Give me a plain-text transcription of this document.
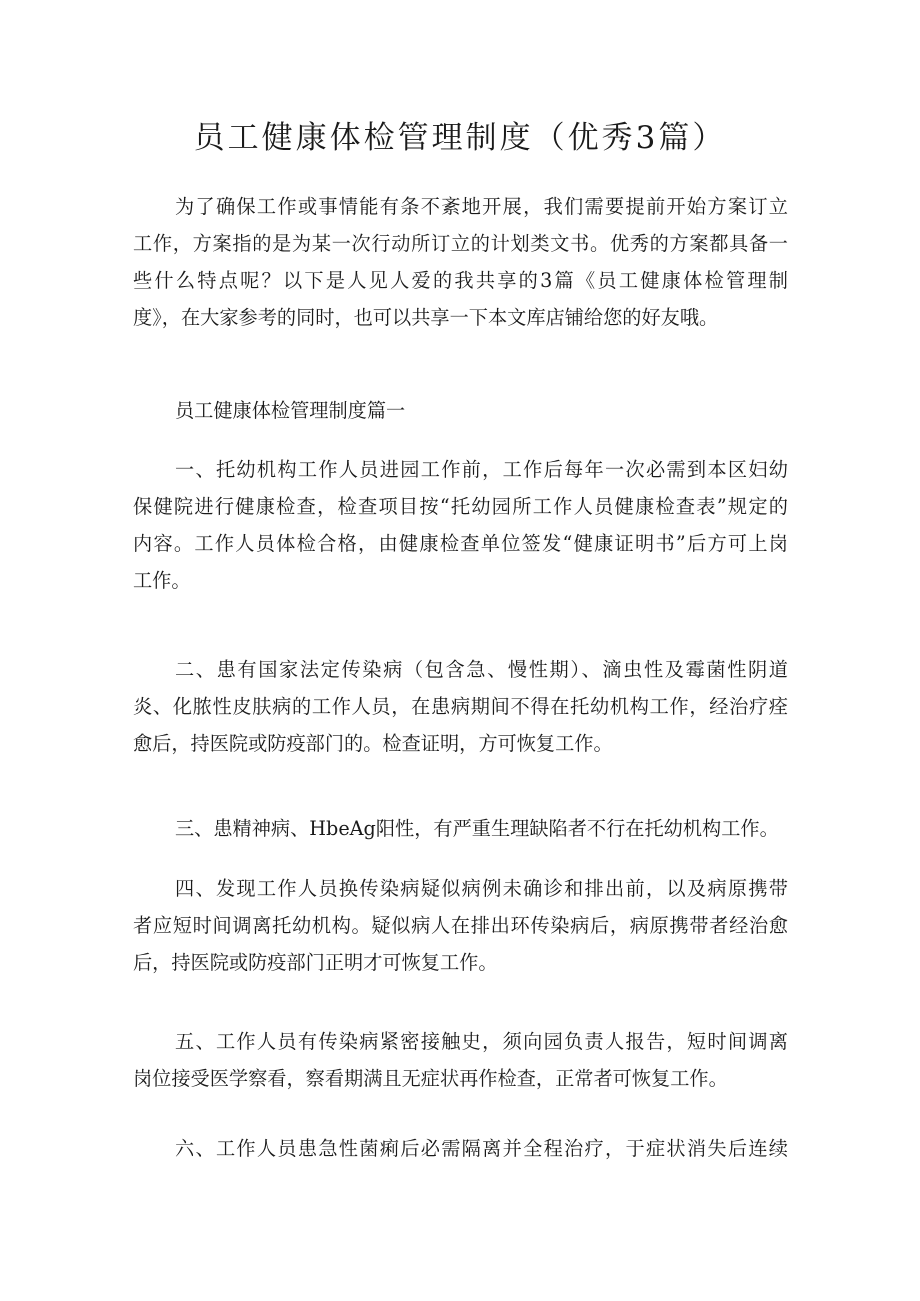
员工健康体检管理制度（优秀3篇）
为了确保工作或事情能有条不紊地开展，我们需要提前开始方案订立
工作，方案指的是为某一次行动所订立的计划类文书。优秀的方案都具备一
些什么特点呢？以下是人见人爱的我共享的3篇《员工健康体检管理制
度》，在大家参考的同时，也可以共享一下本文库店铺给您的好友哦。
员工健康体检管理制度篇一
一、托幼机构工作人员进园工作前，工作后每年一次必需到本区妇幼
保健院进行健康检查，检查项目按“托幼园所工作人员健康检查表”规定的
内容。工作人员体检合格，由健康检查单位签发“健康证明书”后方可上岗
工作。
二、患有国家法定传染病（包含急、慢性期）、滴虫性及霉菌性阴道
炎、化脓性皮肤病的工作人员，在患病期间不得在托幼机构工作，经治疗痊
愈后，持医院或防疫部门的。检查证明，方可恢复工作。
三、患精神病、HbeAg阳性，有严重生理缺陷者不行在托幼机构工作。
四、发现工作人员换传染病疑似病例未确诊和排出前，以及病原携带
者应短时间调离托幼机构。疑似病人在排出环传染病后，病原携带者经治愈
后，持医院或防疫部门正明才可恢复工作。
五、工作人员有传染病紧密接触史，须向园负责人报告，短时间调离
岗位接受医学察看，察看期满且无症状再作检查，正常者可恢复工作。
六、工作人员患急性菌痢后必需隔离并全程治疗，于症状消失后连续
